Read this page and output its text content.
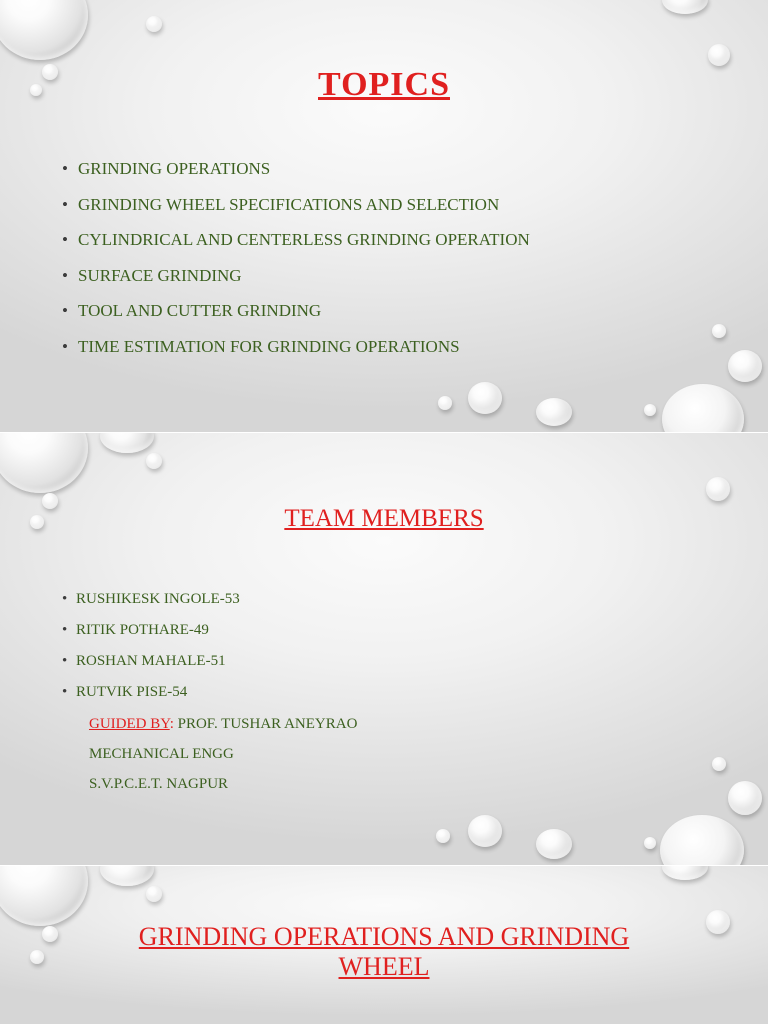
TOPICS
• GRINDING OPERATIONS
• GRINDING WHEEL SPECIFICATIONS AND SELECTION
• CYLINDRICAL AND CENTERLESS GRINDING OPERATION
• SURFACE GRINDING
• TOOL AND CUTTER GRINDING
• TIME ESTIMATION FOR GRINDING OPERATIONS
TEAM MEMBERS
• RUSHIKESK INGOLE-53
• RITIK POTHARE-49
• ROSHAN MAHALE-51
• RUTVIK PISE-54

GUIDED BY: PROF. TUSHAR ANEYRAO

MECHANICAL ENGG

S.V.P.C.E.T. NAGPUR

GRINDING OPERATIONS AND GRINDING WHEEL
